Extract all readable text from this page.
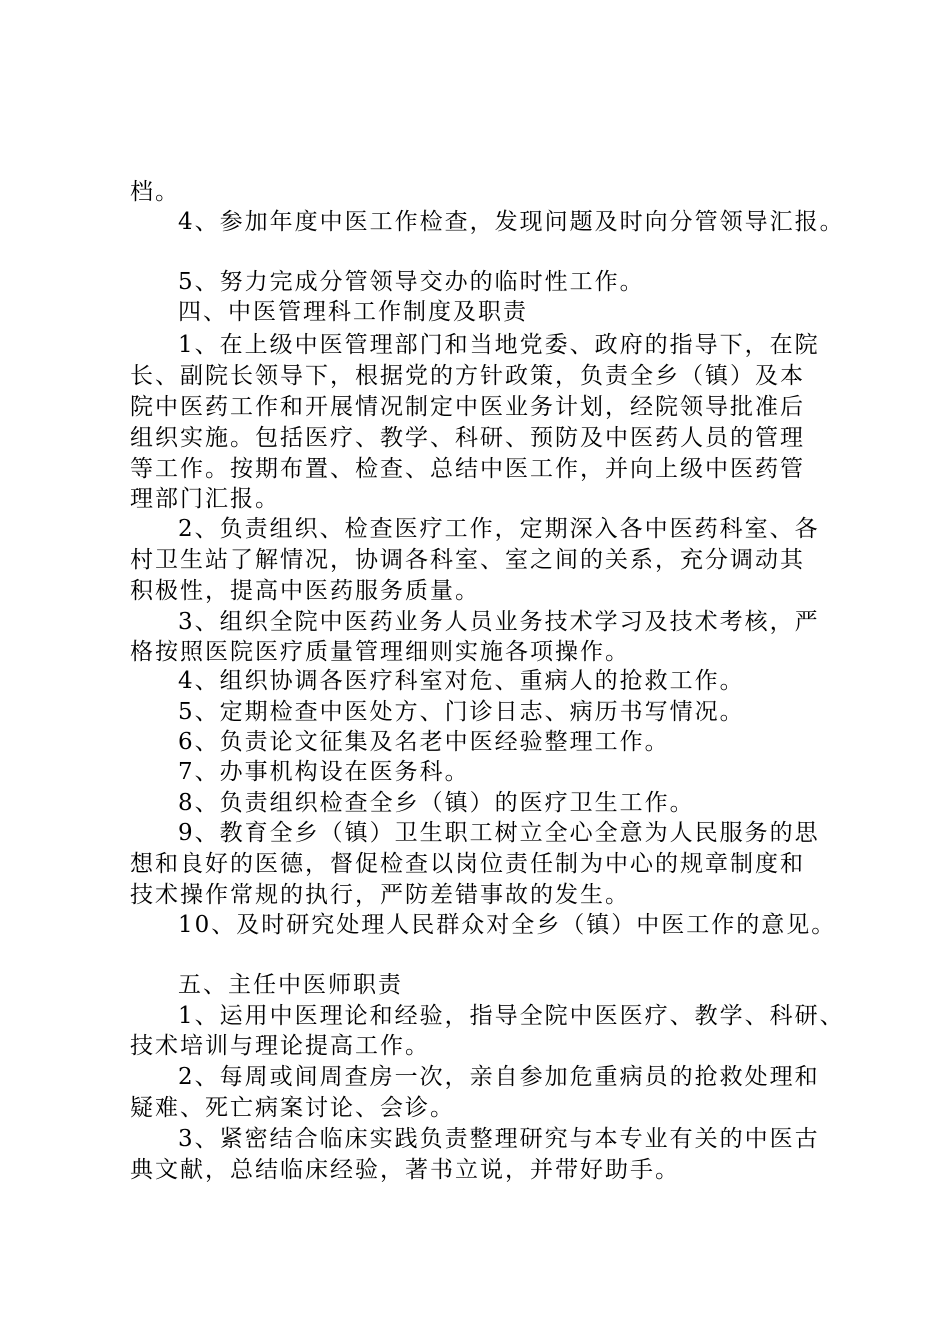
档。

4、参加年度中医工作检查，发现问题及时向分管领导汇报。

5、努力完成分管领导交办的临时性工作。

四、中医管理科工作制度及职责

1、在上级中医管理部门和当地党委、政府的指导下，在院

长、副院长领导下，根据党的方针政策，负责全乡（镇）及本

院中医药工作和开展情况制定中医业务计划，经院领导批准后

组织实施。包括医疗、教学、科研、预防及中医药人员的管理

等工作。按期布置、检查、总结中医工作，并向上级中医药管

理部门汇报。

2、负责组织、检查医疗工作，定期深入各中医药科室、各

村卫生站了解情况，协调各科室、室之间的关系，充分调动其

积极性，提高中医药服务质量。

3、组织全院中医药业务人员业务技术学习及技术考核，严

格按照医院医疗质量管理细则实施各项操作。

4、组织协调各医疗科室对危、重病人的抢救工作。

5、定期检查中医处方、门诊日志、病历书写情况。

6、负责论文征集及名老中医经验整理工作。

7、办事机构设在医务科。

8、负责组织检查全乡（镇）的医疗卫生工作。

9、教育全乡（镇）卫生职工树立全心全意为人民服务的思

想和良好的医德，督促检查以岗位责任制为中心的规章制度和

技术操作常规的执行，严防差错事故的发生。

10、及时研究处理人民群众对全乡（镇）中医工作的意见。

五、主任中医师职责

1、运用中医理论和经验，指导全院中医医疗、教学、科研、

技术培训与理论提高工作。

2、每周或间周查房一次，亲自参加危重病员的抢救处理和

疑难、死亡病案讨论、会诊。

3、紧密结合临床实践负责整理研究与本专业有关的中医古

典文献，总结临床经验，著书立说，并带好助手。
